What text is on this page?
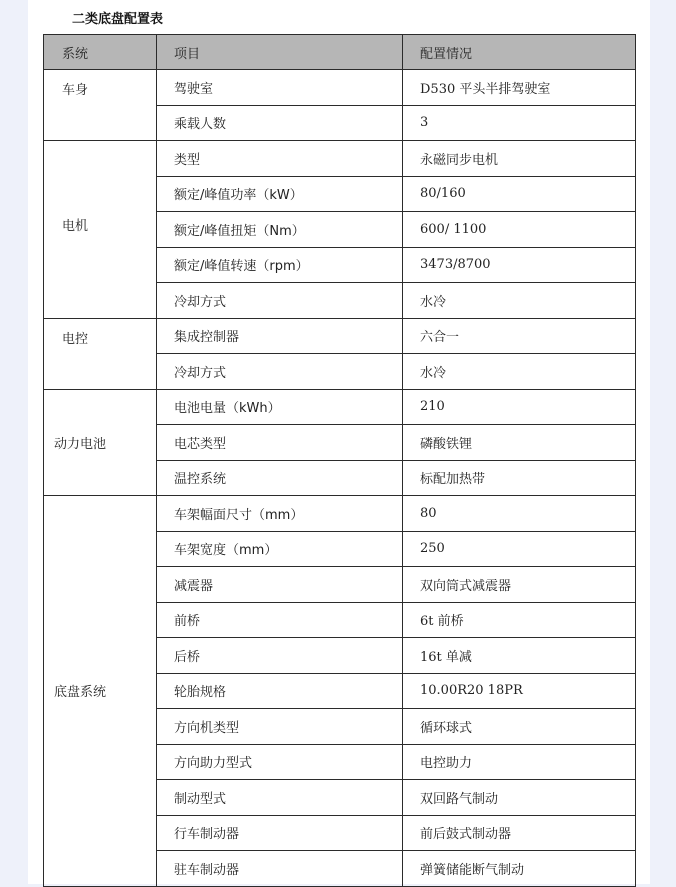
二类底盘配置表
系统	项目	配置情况
车身	驾驶室	D530 平头半排驾驶室
	乘载人数	3
电机	类型	永磁同步电机
	额定/峰值功率（kW）	80/160
	额定/峰值扭矩（Nm）	600/ 1100
	额定/峰值转速（rpm）	3473/8700
	冷却方式	水冷
电控	集成控制器	六合一
	冷却方式	水冷
动力电池	电池电量（kWh）	210
	电芯类型	磷酸铁锂
	温控系统	标配加热带
底盘系统	车架幅面尺寸（mm）	80
	车架宽度（mm）	250
	减震器	双向筒式减震器
	前桥	6t 前桥
	后桥	16t 单减
	轮胎规格	10.00R20 18PR
	方向机类型	循环球式
	方向助力型式	电控助力
	制动型式	双回路气制动
	行车制动器	前后鼓式制动器
	驻车制动器	弹簧储能断气制动
